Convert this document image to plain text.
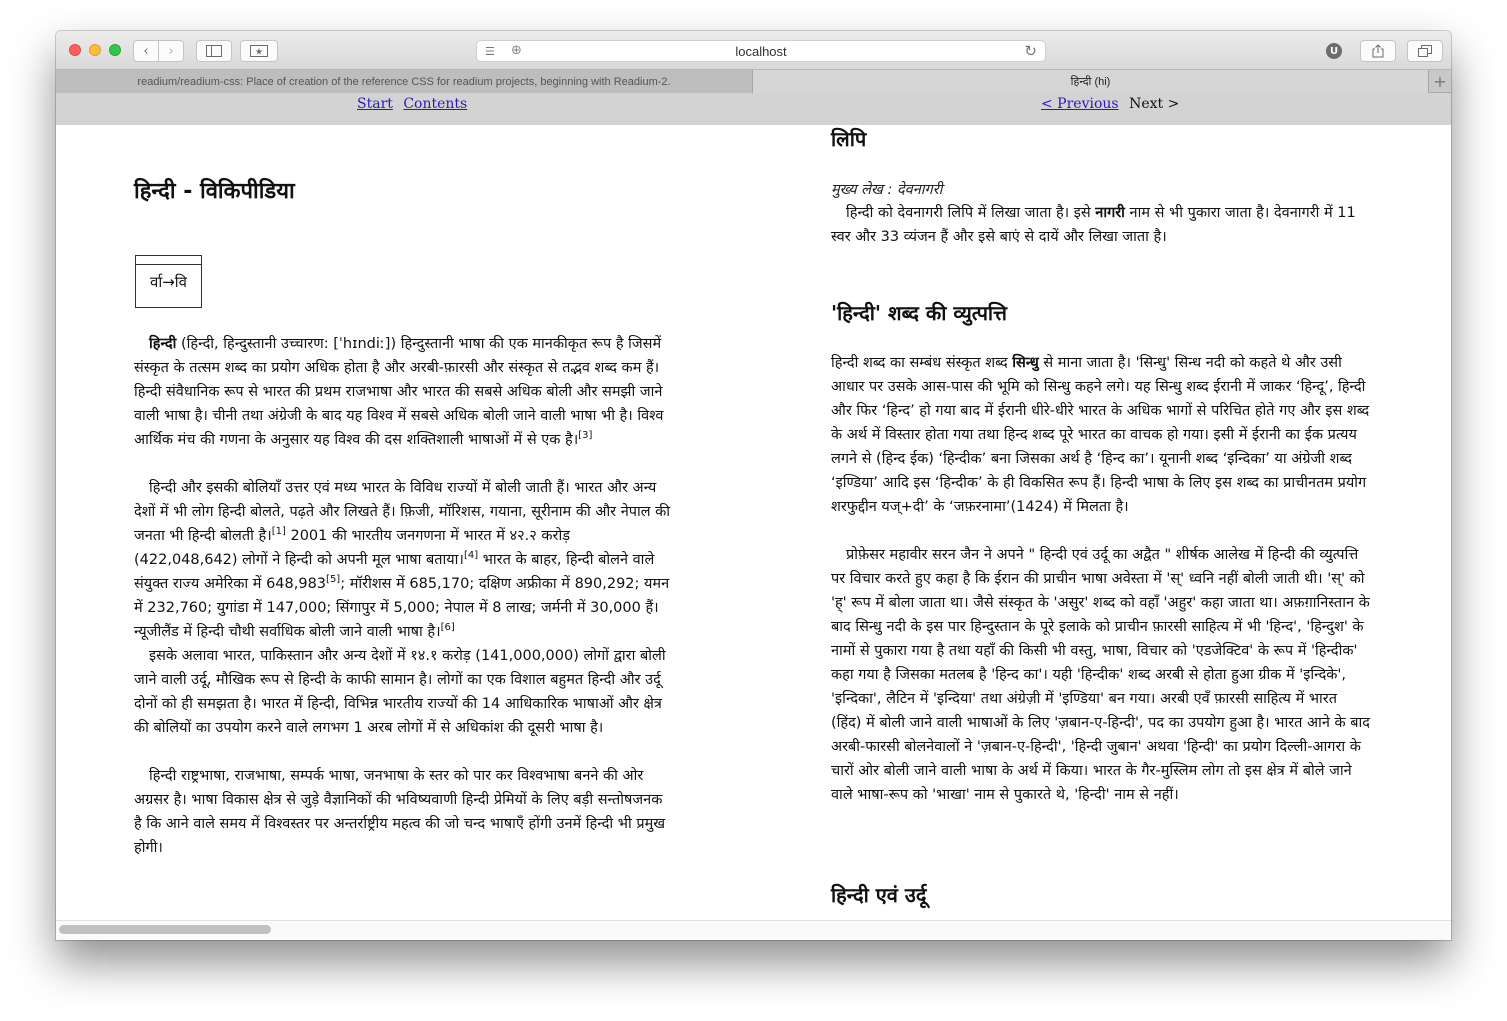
‹ ›	★	☰ ⊕	localhost	↻	U
readium/readium-css: Place of creation of the reference CSS for readium projects, beginning with Readium-2.	हिन्दी (hi)	+
Start Contents	< Previous Next >
हिन्दी - विकिपीडिया
र्वा→वि

हिन्दी (हिन्दी, हिन्दुस्तानी उच्चारण: [ˈhɪndiː]) हिन्दुस्तानी भाषा की एक मानकीकृत रूप है जिसमें संस्कृत के तत्सम शब्द का प्रयोग अधिक होता है और अरबी-फ़ारसी और संस्कृत से तद्भव शब्द कम हैं। हिन्दी संवैधानिक रूप से भारत की प्रथम राजभाषा और भारत की सबसे अधिक बोली और समझी जाने वाली भाषा है। चीनी तथा अंग्रेजी के बाद यह विश्व में सबसे अधिक बोली जाने वाली भाषा भी है। विश्व आर्थिक मंच की गणना के अनुसार यह विश्व की दस शक्तिशाली भाषाओं में से एक है।[3]

हिन्दी और इसकी बोलियाँ उत्तर एवं मध्य भारत के विविध राज्यों में बोली जाती हैं। भारत और अन्य देशों में भी लोग हिन्दी बोलते, पढ़ते और लिखते हैं। फ़िजी, मॉरिशस, गयाना, सूरीनाम की और नेपाल की जनता भी हिन्दी बोलती है।[1] 2001 की भारतीय जनगणना में भारत में ४२.२ करोड़ (422,048,642) लोगों ने हिन्दी को अपनी मूल भाषा बताया।[4] भारत के बाहर, हिन्दी बोलने वाले संयुक्त राज्य अमेरिका में 648,983[5]; मॉरीशस में 685,170; दक्षिण अफ्रीका में 890,292; यमन में 232,760; युगांडा में 147,000; सिंगापुर में 5,000; नेपाल में 8 लाख; जर्मनी में 30,000 हैं। न्यूजीलैंड में हिन्दी चौथी सर्वाधिक बोली जाने वाली भाषा है।[6]

इसके अलावा भारत, पाकिस्तान और अन्य देशों में १४.१ करोड़ (141,000,000) लोगों द्वारा बोली जाने वाली उर्दू, मौखिक रूप से हिन्दी के काफी सामान है। लोगों का एक विशाल बहुमत हिन्दी और उर्दू दोनों को ही समझता है। भारत में हिन्दी, विभिन्न भारतीय राज्यों की 14 आधिकारिक भाषाओं और क्षेत्र की बोलियों का उपयोग करने वाले लगभग 1 अरब लोगों में से अधिकांश की दूसरी भाषा है।

हिन्दी राष्ट्रभाषा, राजभाषा, सम्पर्क भाषा, जनभाषा के स्तर को पार कर विश्वभाषा बनने की ओर अग्रसर है। भाषा विकास क्षेत्र से जुड़े वैज्ञानिकों की भविष्यवाणी हिन्दी प्रेमियों के लिए बड़ी सन्तोषजनक है कि आने वाले समय में विश्वस्तर पर अन्तर्राष्ट्रीय महत्व की जो चन्द भाषाएँ होंगी उनमें हिन्दी भी प्रमुख होगी।

लिपि
मुख्य लेख : देवनागरी

हिन्दी को देवनागरी लिपि में लिखा जाता है। इसे नागरी नाम से भी पुकारा जाता है। देवनागरी में 11 स्वर और 33 व्यंजन हैं और इसे बाएं से दायें और लिखा जाता है।

'हिन्दी' शब्द की व्युत्पत्ति

हिन्दी शब्द का सम्बंध संस्कृत शब्द सिन्धु से माना जाता है। 'सिन्धु' सिन्ध नदी को कहते थे और उसी आधार पर उसके आस-पास की भूमि को सिन्धु कहने लगे। यह सिन्धु शब्द ईरानी में जाकर ‘हिन्दू’, हिन्दी और फिर ‘हिन्द’ हो गया बाद में ईरानी धीरे-धीरे भारत के अधिक भागों से परिचित होते गए और इस शब्द के अर्थ में विस्तार होता गया तथा हिन्द शब्द पूरे भारत का वाचक हो गया। इसी में ईरानी का ईक प्रत्यय लगने से (हिन्द ईक) ‘हिन्दीक’ बना जिसका अर्थ है ‘हिन्द का’। यूनानी शब्द ‘इन्दिका’ या अंग्रेजी शब्द ‘इण्डिया’ आदि इस ‘हिन्दीक’ के ही विकसित रूप हैं। हिन्दी भाषा के लिए इस शब्द का प्राचीनतम प्रयोग शरफुद्दीन यज्+दी’ के ‘जफ़रनामा’(1424) में मिलता है।

प्रोफ़ेसर महावीर सरन जैन ने अपने " हिन्दी एवं उर्दू का अद्वैत " शीर्षक आलेख में हिन्दी की व्युत्पत्ति पर विचार करते हुए कहा है कि ईरान की प्राचीन भाषा अवेस्ता में 'स्' ध्वनि नहीं बोली जाती थी। 'स्' को 'ह्' रूप में बोला जाता था। जैसे संस्कृत के 'असुर' शब्द को वहाँ 'अहुर' कहा जाता था। अफ़ग़ानिस्तान के बाद सिन्धु नदी के इस पार हिन्दुस्तान के पूरे इलाके को प्राचीन फ़ारसी साहित्य में भी 'हिन्द', 'हिन्दुश' के नामों से पुकारा गया है तथा यहाँ की किसी भी वस्तु, भाषा, विचार को 'एडजेक्टिव' के रूप में 'हिन्दीक' कहा गया है जिसका मतलब है 'हिन्द का'। यही 'हिन्दीक' शब्द अरबी से होता हुआ ग्रीक में 'इन्दिके', 'इन्दिका', लैटिन में 'इन्दिया' तथा अंग्रेज़ी में 'इण्डिया' बन गया। अरबी एवँ फ़ारसी साहित्य में भारत (हिंद) में बोली जाने वाली भाषाओं के लिए 'ज़बान-ए-हिन्दी', पद का उपयोग हुआ है। भारत आने के बाद अरबी-फारसी बोलनेवालों ने 'ज़बान-ए-हिन्दी', 'हिन्दी जुबान' अथवा 'हिन्दी' का प्रयोग दिल्ली-आगरा के चारों ओर बोली जाने वाली भाषा के अर्थ में किया। भारत के गैर-मुस्लिम लोग तो इस क्षेत्र में बोले जाने वाले भाषा-रूप को 'भाखा' नाम से पुकारते थे, 'हिन्दी' नाम से नहीं।

हिन्दी एवं उर्दू
